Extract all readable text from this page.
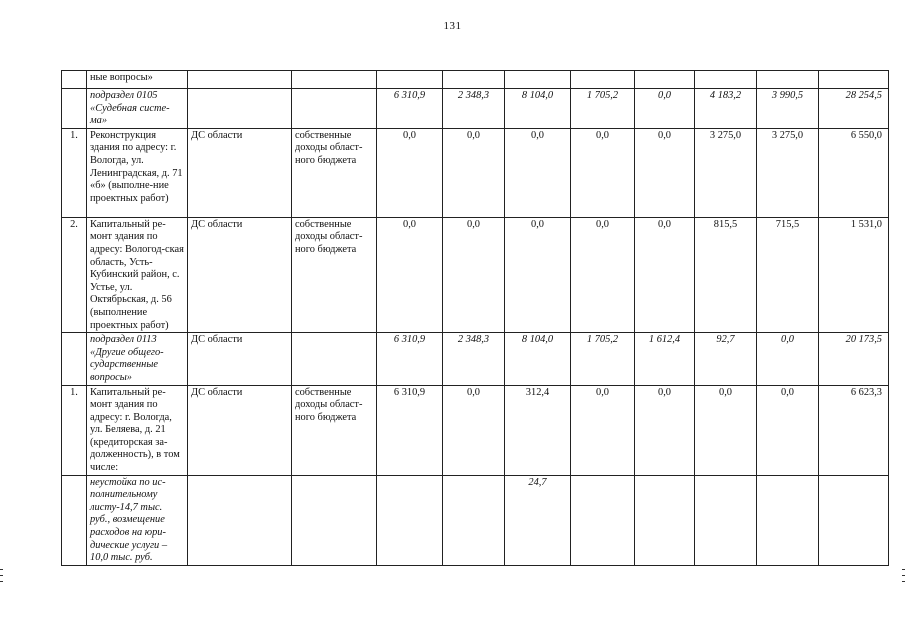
131
	ные вопросы»										
	подраздел 0105 «Судебная систе-ма»			6 310,9	2 348,3	8 104,0	1 705,2	0,0	4 183,2	3 990,5	28 254,5
1.	Реконструкция здания по адресу: г. Вологда, ул. Ленинградская, д. 71 «б» (выполне-ние проектных работ)	ДС области	собственные доходы област-ного бюджета	0,0	0,0	0,0	0,0	0,0	3 275,0	3 275,0	6 550,0
2.	Капитальный ре-монт здания по адресу: Вологод-ская область, Усть-Кубинский район, с. Устье, ул. Октябрьская, д. 56 (выполнение проектных работ)	ДС области	собственные доходы област-ного бюджета	0,0	0,0	0,0	0,0	0,0	815,5	715,5	1 531,0
	подраздел 0113 «Другие общего-сударственные вопросы»	ДС области		6 310,9	2 348,3	8 104,0	1 705,2	1 612,4	92,7	0,0	20 173,5
1.	Капитальный ре-монт здания по адресу: г. Вологда, ул. Беляева, д. 21 (кредиторская за-долженность), в том числе:	ДС области	собственные доходы област-ного бюджета	6 310,9	0,0	312,4	0,0	0,0	0,0	0,0	6 623,3
	неустойка по ис-полнительному листу-14,7 тыс. руб., возмещение расходов на юри-дические услуги – 10,0 тыс. руб.					24,7					
